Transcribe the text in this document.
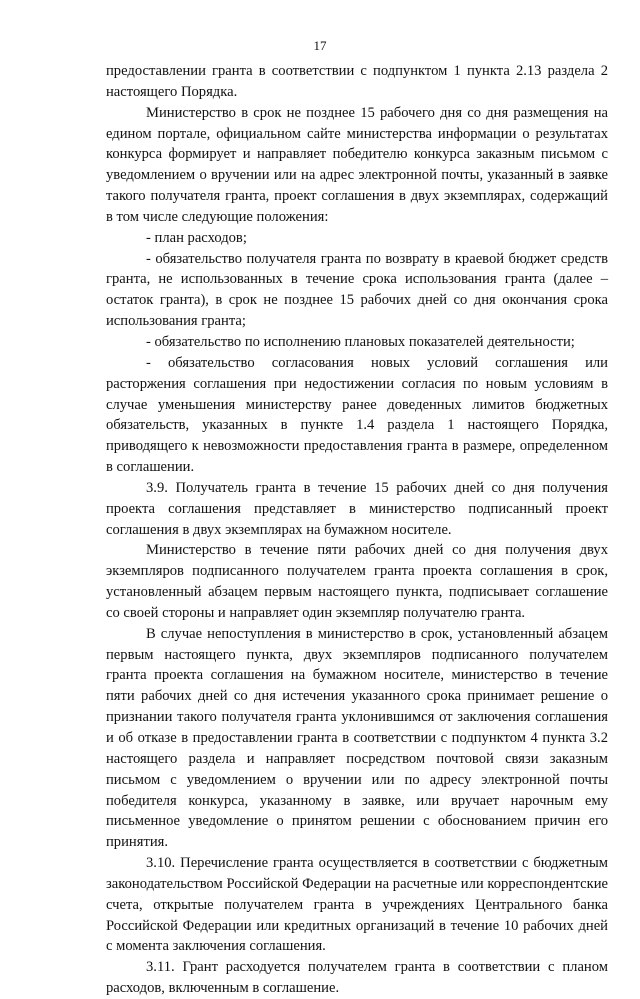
17

предоставлении гранта в соответствии с подпунктом 1 пункта 2.13 раздела 2 настоящего Порядка.

Министерство в срок не позднее 15 рабочего дня со дня размещения на едином портале, официальном сайте министерства информации о результатах конкурса формирует и направляет победителю конкурса заказным письмом с уведомлением о вручении или на адрес электронной почты, указанный в заявке такого получателя гранта, проект соглашения в двух экземплярах, содержащий в том числе следующие положения:

- план расходов;

- обязательство получателя гранта по возврату в краевой бюджет средств гранта, не использованных в течение срока использования гранта (далее – остаток гранта), в срок не позднее 15 рабочих дней со дня окончания срока использования гранта;

- обязательство по исполнению плановых показателей деятельности;

- обязательство согласования новых условий соглашения или расторжения соглашения при недостижении согласия по новым условиям в случае уменьшения министерству ранее доведенных лимитов бюджетных обязательств, указанных в пункте 1.4 раздела 1 настоящего Порядка, приводящего к невозможности предоставления гранта в размере, определенном в соглашении.

3.9. Получатель гранта в течение 15 рабочих дней со дня получения проекта соглашения представляет в министерство подписанный проект соглашения в двух экземплярах на бумажном носителе.

Министерство в течение пяти рабочих дней со дня получения двух экземпляров подписанного получателем гранта проекта соглашения в срок, установленный абзацем первым настоящего пункта, подписывает соглашение со своей стороны и направляет один экземпляр получателю гранта.

В случае непоступления в министерство в срок, установленный абзацем первым настоящего пункта, двух экземпляров подписанного получателем гранта проекта соглашения на бумажном носителе, министерство в течение пяти рабочих дней со дня истечения указанного срока принимает решение о признании такого получателя гранта уклонившимся от заключения соглашения и об отказе в предоставлении гранта в соответствии с подпунктом 4 пункта 3.2 настоящего раздела и направляет посредством почтовой связи заказным письмом с уведомлением о вручении или по адресу электронной почты победителя конкурса, указанному в заявке, или вручает нарочным ему письменное уведомление о принятом решении с обоснованием причин его принятия.

3.10. Перечисление гранта осуществляется в соответствии с бюджетным законодательством Российской Федерации на расчетные или корреспондентские счета, открытые получателем гранта в учреждениях Центрального банка Российской Федерации или кредитных организаций в течение 10 рабочих дней с момента заключения соглашения.

3.11. Грант расходуется получателем гранта в соответствии с планом расходов, включенным в соглашение.
